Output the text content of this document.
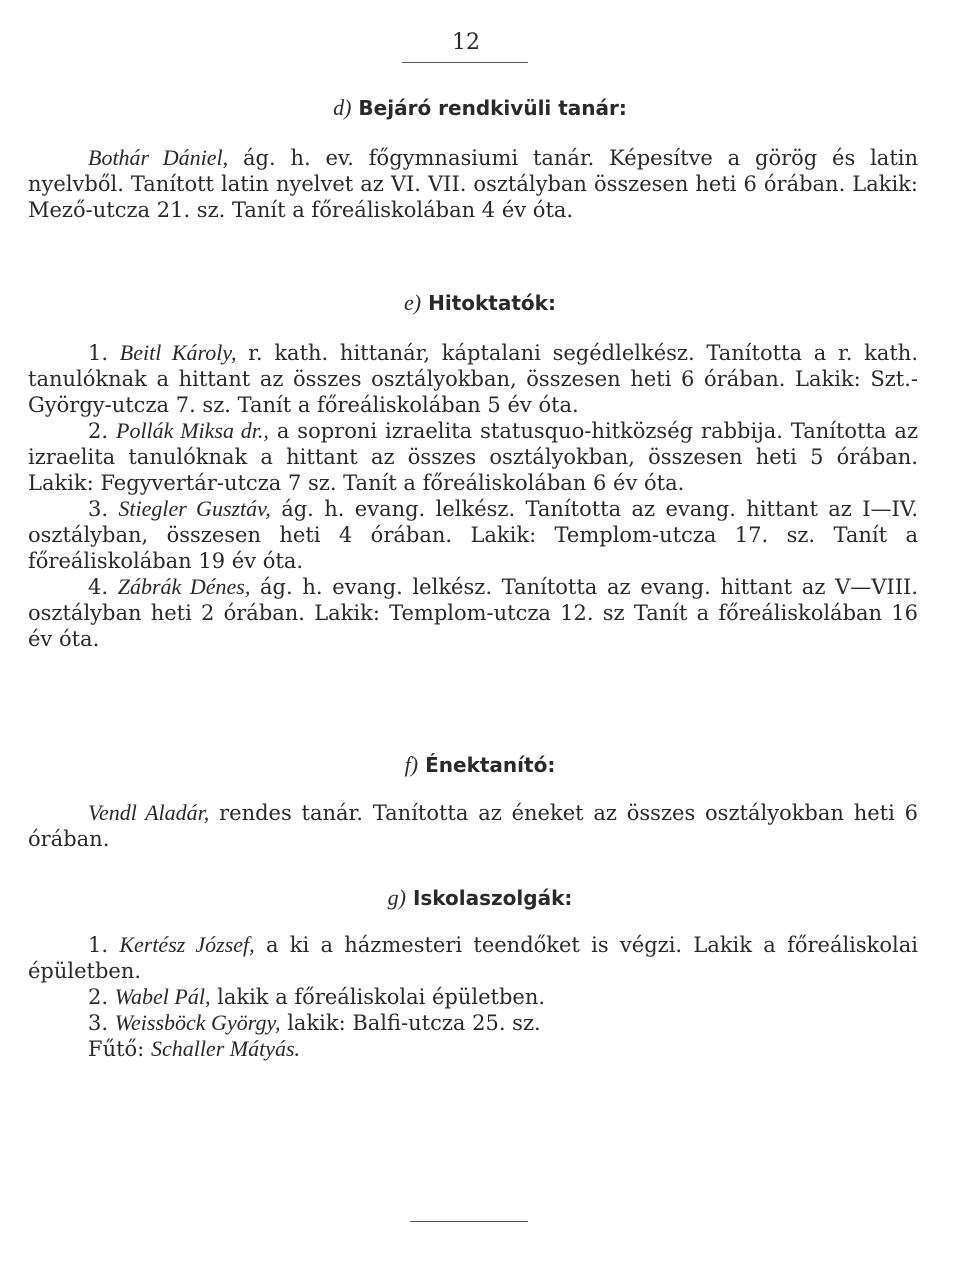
12
d) Bejáró rendkivüli tanár:

Bothár Dániel, ág. h. ev. főgymnasiumi tanár. Képesítve a görög és latin nyelvből. Tanított latin nyelvet az VI. VII. osztályban összesen heti 6 órában. Lakik: Mező-utcza 21. sz. Tanít a főreáliskolában 4 év óta.

e) Hitoktatók:

1. Beitl Károly, r. kath. hittanár, káptalani segédlelkész. Tanította a r. kath. tanulóknak a hittant az összes osztályokban, összesen heti 6 órában. Lakik: Szt.-György-utcza 7. sz. Tanít a főreáliskolában 5 év óta.

2. Pollák Miksa dr., a soproni izraelita statusquo-hitközség rabbija. Tanította az izraelita tanulóknak a hittant az összes osztályokban, összesen heti 5 órában. Lakik: Fegyvertár-utcza 7 sz. Tanít a főreáliskolában 6 év óta.

3. Stiegler Gusztáv, ág. h. evang. lelkész. Tanította az evang. hittant az I—IV. osztályban, összesen heti 4 órában. Lakik: Templom-utcza 17. sz. Tanít a főreáliskolában 19 év óta.

4. Zábrák Dénes, ág. h. evang. lelkész. Tanította az evang. hittant az V—VIII. osztályban heti 2 órában. Lakik: Templom-utcza 12. sz Tanít a főreáliskolában 16 év óta.

f) Énektanító:

Vendl Aladár, rendes tanár. Tanította az éneket az összes osztályokban heti 6 órában.

g) Iskolaszolgák:

1. Kertész József, a ki a házmesteri teendőket is végzi. Lakik a főreáliskolai épületben.

2. Wabel Pál, lakik a főreáliskolai épületben.

3. Weissböck György, lakik: Balfi-utcza 25. sz.

Fűtő: Schaller Mátyás.
